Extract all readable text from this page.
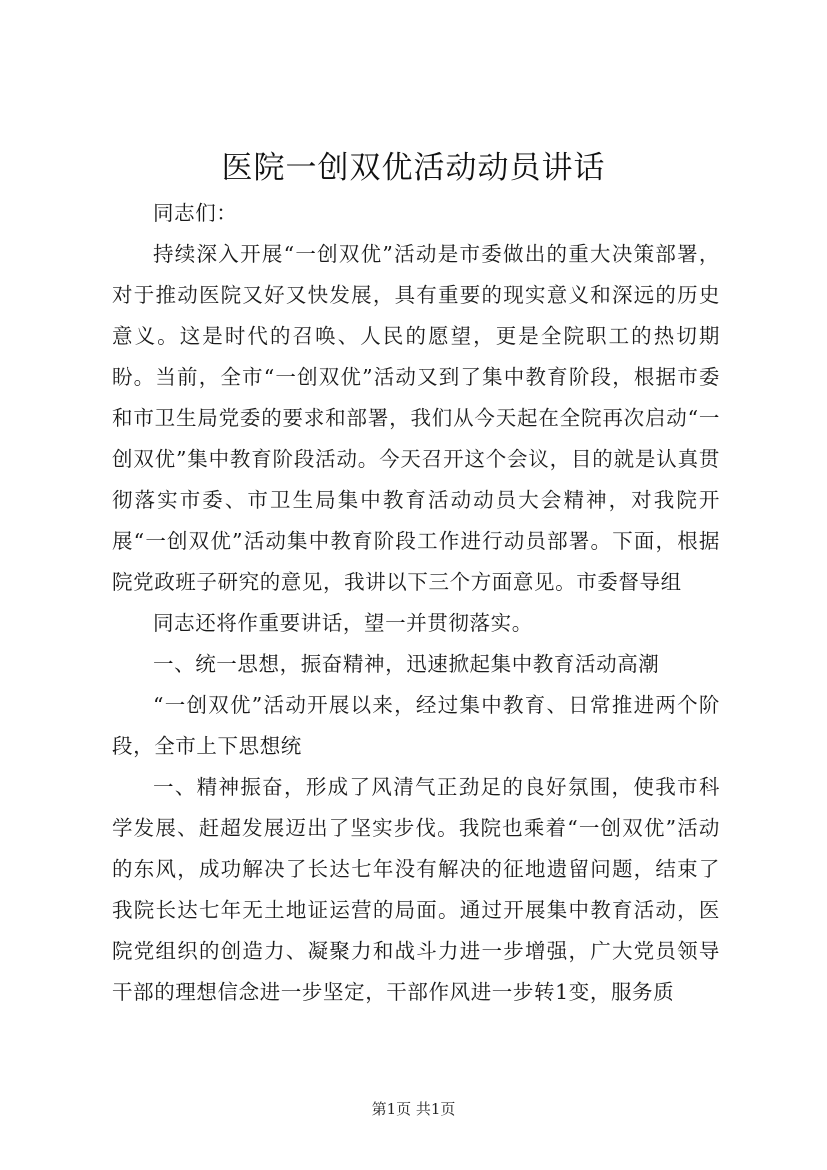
医院一创双优活动动员讲话

同志们：

持续深入开展“一创双优”活动是市委做出的重大决策部署，对于推动医院又好又快发展，具有重要的现实意义和深远的历史意义。这是时代的召唤、人民的愿望，更是全院职工的热切期盼。当前，全市“一创双优”活动又到了集中教育阶段，根据市委和市卫生局党委的要求和部署，我们从今天起在全院再次启动“一创双优”集中教育阶段活动。今天召开这个会议，目的就是认真贯彻落实市委、市卫生局集中教育活动动员大会精神，对我院开展“一创双优”活动集中教育阶段工作进行动员部署。下面，根据院党政班子研究的意见，我讲以下三个方面意见。市委督导组

同志还将作重要讲话，望一并贯彻落实。

一、统一思想，振奋精神，迅速掀起集中教育活动高潮

“一创双优”活动开展以来，经过集中教育、日常推进两个阶段，全市上下思想统

一、精神振奋，形成了风清气正劲足的良好氛围，使我市科学发展、赶超发展迈出了坚实步伐。我院也乘着“一创双优”活动的东风，成功解决了长达七年没有解决的征地遗留问题，结束了我院长达七年无土地证运营的局面。通过开展集中教育活动，医院党组织的创造力、凝聚力和战斗力进一步增强，广大党员领导干部的理想信念进一步坚定，干部作风进一步转1变，服务质

第1页 共1页
